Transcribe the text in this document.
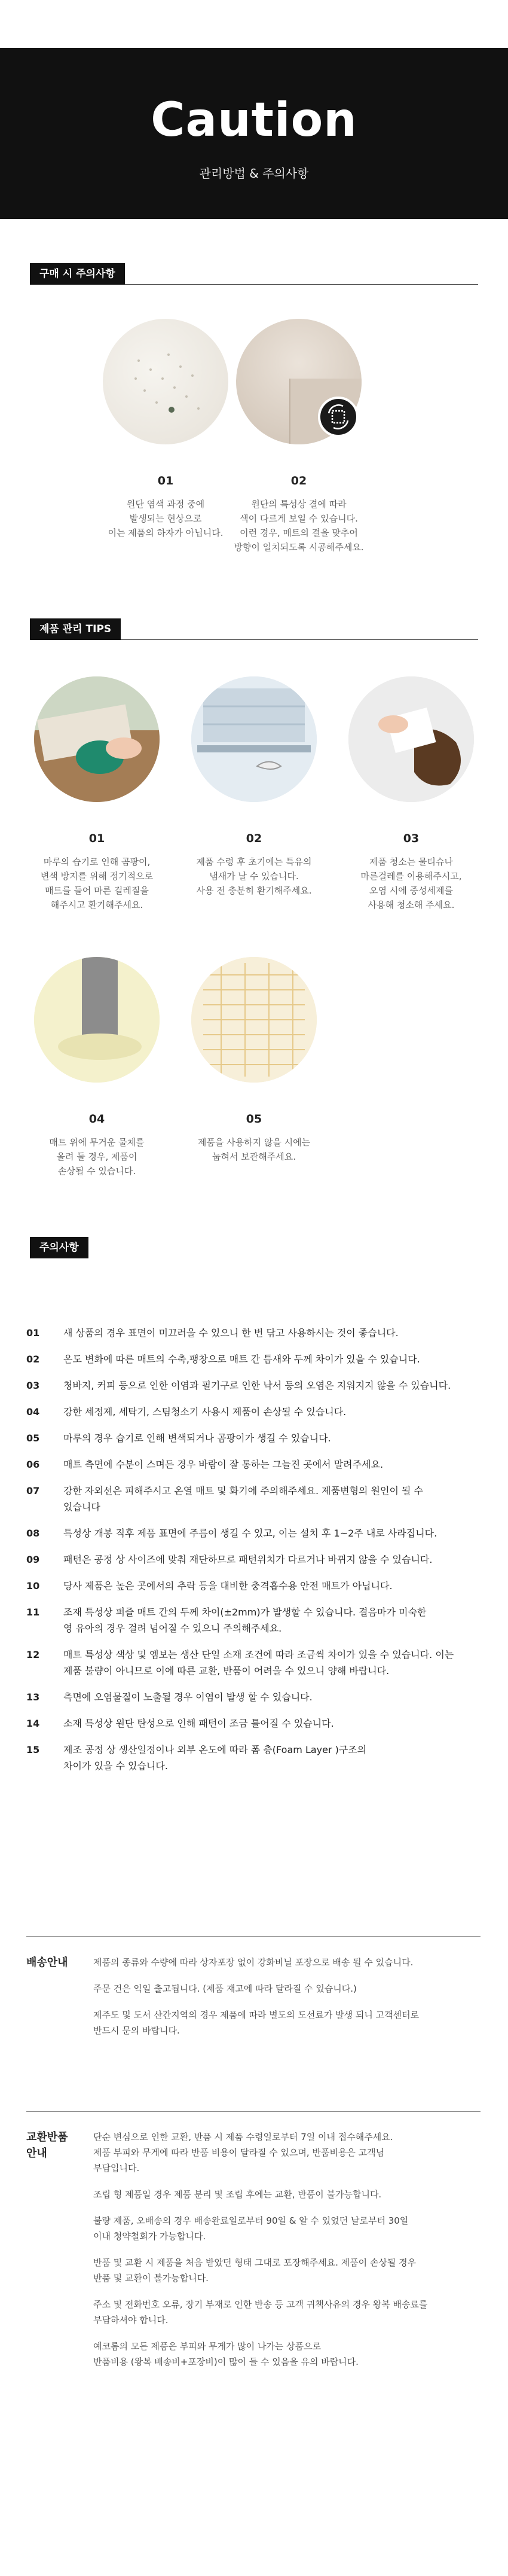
Caution
관리방법 & 주의사항
구매 시 주의사항
01
원단 염색 과정 중에
발생되는 현상으로
이는 제품의 하자가 아닙니다.
02
원단의 특성상 결에 따라
색이 다르게 보일 수 있습니다.
이런 경우, 매트의 결을 맞추어
방향이 일치되도록 시공해주세요.
제품 관리 TIPS
01
마루의 습기로 인해 곰팡이,
변색 방지를 위해 정기적으로
매트를 들어 마른 걸레질을
해주시고 환기해주세요.
02
제품 수령 후 초기에는 특유의
냄새가 날 수 있습니다.
사용 전 충분히 환기해주세요.
03
제품 청소는 물티슈나
마른걸레를 이용해주시고,
오염 시에 중성세제를
사용해 청소해 주세요.
04
매트 위에 무거운 물체를
올려 둘 경우, 제품이
손상될 수 있습니다.
05
제품을 사용하지 않을 시에는
눕혀서 보관해주세요.
주의사항
01	새 상품의 경우 표면이 미끄러울 수 있으니 한 번 닦고 사용하시는 것이 좋습니다.
02	온도 변화에 따른 매트의 수축,팽창으로 매트 간 틈새와 두께 차이가 있을 수 있습니다.
03	청바지, 커피 등으로 인한 이염과 필기구로 인한 낙서 등의 오염은 지워지지 않을 수 있습니다.
04	강한 세정제, 세탁기, 스팀청소기 사용시 제품이 손상될 수 있습니다.
05	마루의 경우 습기로 인해 변색되거나 곰팡이가 생길 수 있습니다.
06	매트 측면에 수분이 스며든 경우 바람이 잘 통하는 그늘진 곳에서 말려주세요.
07	강한 자외선은 피해주시고 온열 매트 및 화기에 주의해주세요. 제품변형의 원인이 될 수
있습니다
08	특성상 개봉 직후 제품 표면에 주름이 생길 수 있고, 이는 설치 후 1~2주 내로 사라집니다.
09	패턴은 공정 상 사이즈에 맞춰 재단하므로 패턴위치가 다르거나 바뀌지 않을 수 있습니다.
10	당사 제품은 높은 곳에서의 추락 등을 대비한 충격흡수용 안전 매트가 아닙니다.
11	조재 특성상 퍼즐 매트 간의 두께 차이(±2mm)가 발생할 수 있습니다. 결음마가 미숙한
영 유아의 경우 걸려 넘어질 수 있으니 주의해주세요.
12	매트 특성상 색상 및 엠보는 생산 단일 소재 조건에 따라 조금씩 차이가 있을 수 있습니다. 이는
제품 불량이 아니므로 이에 따른 교환, 반품이 어려울 수 있으니 양해 바랍니다.
13	측면에 오염물질이 노출될 경우 이염이 발생 할 수 있습니다.
14	소재 특성상 원단 탄성으로 인해 패턴이 조금 틀어질 수 있습니다.
15	제조 공정 상 생산일정이나 외부 온도에 따라 폼 층(Foam Layer )구조의
차이가 있을 수 있습니다.
배송안내	제품의 종류와 수량에 따라 상자포장 없이 강화비닐 포장으로 배송 될 수 있습니다.

주문 건은 익일 출고됩니다. (제품 재고에 따라 달라질 수 있습니다.)

제주도 및 도서 산간지역의 경우 제품에 따라 별도의 도선료가 발생 되니 고객센터로
반드시 문의 바랍니다.

교환반품
안내

단순 변심으로 인한 교환, 반품 시 제품 수령일로부터 7일 이내 접수해주세요.
제품 부피와 무게에 따라 반품 비용이 달라질 수 있으며, 반품비용은 고객님
부담입니다.

조립 형 제품일 경우 제품 분리 및 조립 후에는 교환, 반품이 불가능합니다.

불량 제품, 오배송의 경우 배송완료일로부터 90일 & 알 수 있었던 날로부터 30일
이내 청약철회가 가능합니다.

반품 및 교환 시 제품을 처음 받았던 형태 그대로 포장해주세요. 제품이 손상될 경우
반품 및 교환이 불가능합니다.

주소 및 전화번호 오류, 장기 부재로 인한 반송 등 고객 귀책사유의 경우 왕복 배송료를
부담하셔야 합니다.

예코롬의 모든 제품은 부피와 무게가 많이 나가는 상품으로
반품비용 (왕복 배송비+포장비)이 많이 들 수 있음을 유의 바랍니다.
